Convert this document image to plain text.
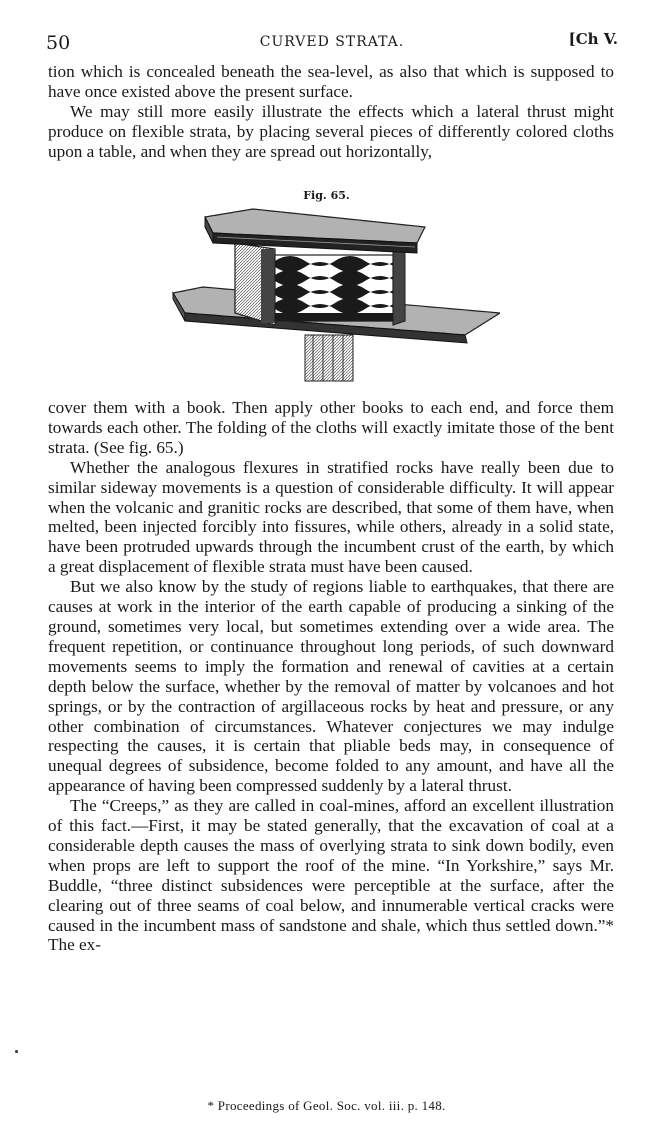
50	CURVED STRATA.	[Ch V.

tion which is concealed beneath the sea-level, as also that which is supposed to have once existed above the present surface.

We may still more easily illustrate the effects which a lateral thrust might produce on flexible strata, by placing several pieces of differently colored cloths upon a table, and when they are spread out horizontally,

Fig. 65.

cover them with a book. Then apply other books to each end, and force them towards each other. The folding of the cloths will exactly imitate those of the bent strata. (See fig. 65.)

Whether the analogous flexures in stratified rocks have really been due to similar sideway movements is a question of considerable difficulty. It will appear when the volcanic and granitic rocks are described, that some of them have, when melted, been injected forcibly into fissures, while others, already in a solid state, have been protruded upwards through the incumbent crust of the earth, by which a great displacement of flexible strata must have been caused.

But we also know by the study of regions liable to earthquakes, that there are causes at work in the interior of the earth capable of producing a sinking of the ground, sometimes very local, but sometimes extending over a wide area. The frequent repetition, or continuance throughout long periods, of such downward movements seems to imply the formation and renewal of cavities at a certain depth below the surface, whether by the removal of matter by volcanoes and hot springs, or by the contraction of argillaceous rocks by heat and pressure, or any other combination of circumstances. Whatever conjectures we may indulge respecting the causes, it is certain that pliable beds may, in consequence of unequal degrees of subsidence, become folded to any amount, and have all the appearance of having been compressed suddenly by a lateral thrust.

The “Creeps,” as they are called in coal-mines, afford an excellent illustration of this fact.—First, it may be stated generally, that the excavation of coal at a considerable depth causes the mass of overlying strata to sink down bodily, even when props are left to support the roof of the mine. “In Yorkshire,” says Mr. Buddle, “three distinct subsidences were perceptible at the surface, after the clearing out of three seams of coal below, and innumerable vertical cracks were caused in the incumbent mass of sandstone and shale, which thus settled down.”* The ex-

* Proceedings of Geol. Soc. vol. iii. p. 148.
